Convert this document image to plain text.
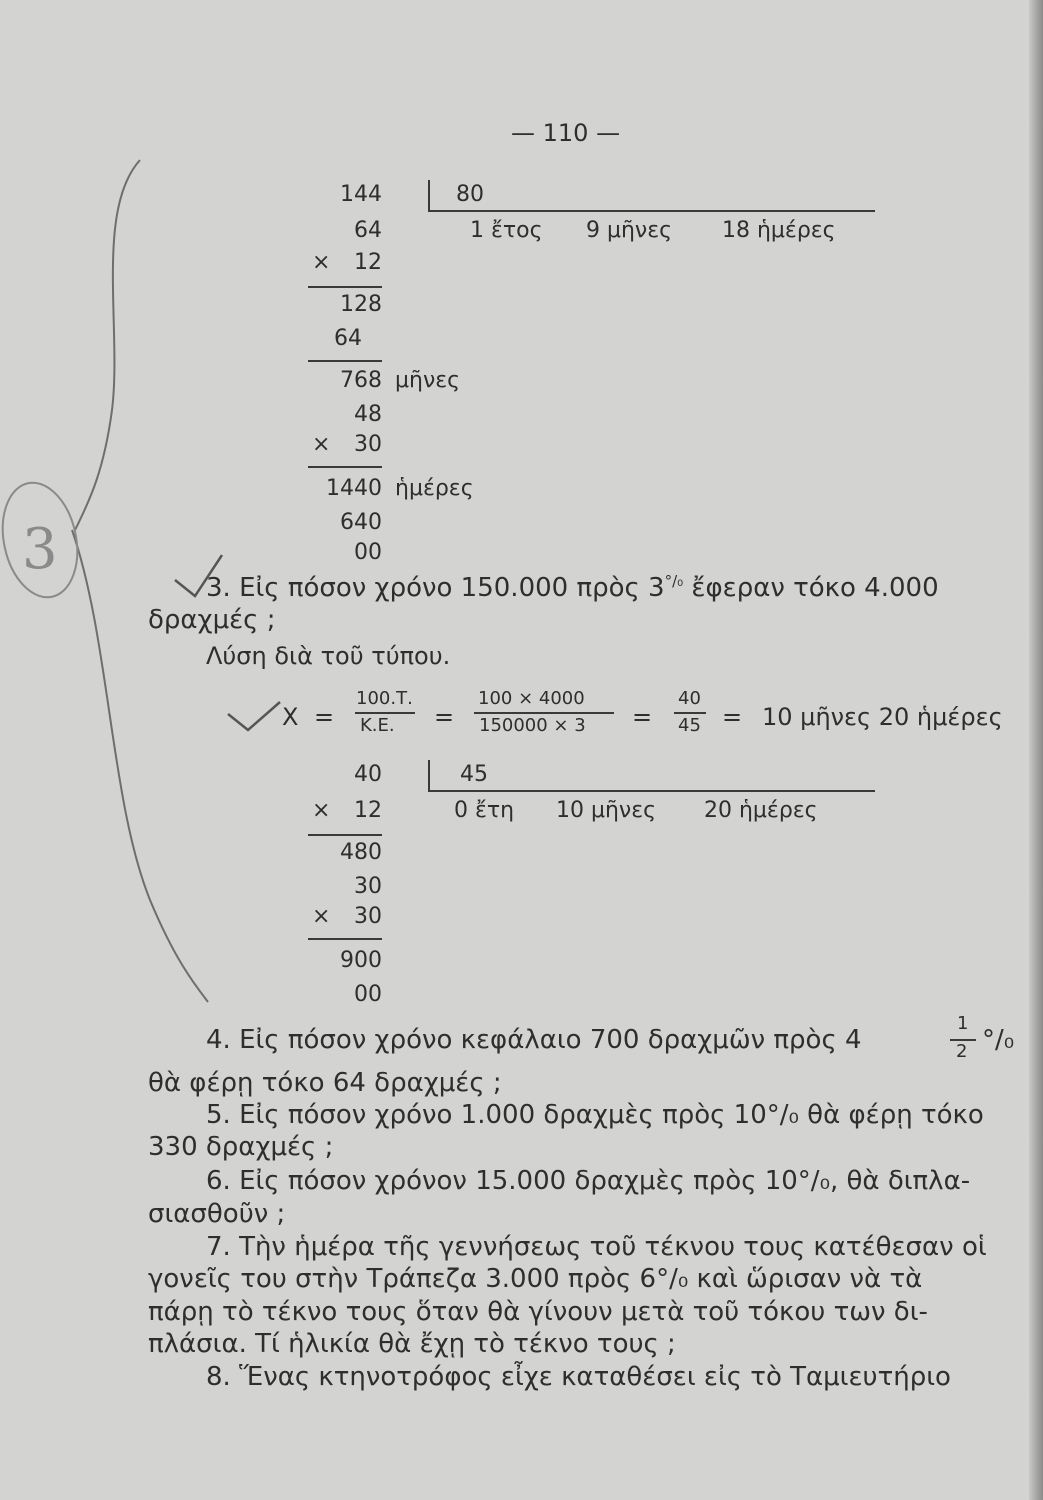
— 110 —
144	80
1 ἔτος 9 μῆνες 18 ἡμέρες
64
×	12
128
64
768 μῆνες
48
×	30
1440 ἡμέρες
640
00
3. Εἰς πόσον χρόνο 150.000 πρὸς $3^{^\circ/_0}$ ἔφεραν τόκο 4.000
δραχμές ;
Λύση διὰ τοῦ τύπου.
X =
100.Τ.
Κ.Ε. =
100 × 4000
150000 × 3 =
40
45 = 10 μῆνες 20 ἡμέρες
40	45
0 ἔτη 10 μῆνες 20 ἡμέρες
×	12
480
30
×	30
900
00
4. Εἰς πόσον χρόνο κεφάλαιο 700 δραχμῶν πρὸς 4
1
2 °/₀
θὰ φέρῃ τόκο 64 δραχμές ;
5. Εἰς πόσον χρόνο 1.000 δραχμὲς πρὸς 10°/₀ θὰ φέρῃ τόκο
330 δραχμές ;
6. Εἰς πόσον χρόνον 15.000 δραχμὲς πρὸς 10°/₀, θὰ διπλα-
σιασθοῦν ;
7. Τὴν ἡμέρα τῆς γεννήσεως τοῦ τέκνου τους κατέθεσαν οἱ
γονεῖς του στὴν Τράπεζα 3.000 πρὸς 6°/₀ καὶ ὥρισαν νὰ τὰ
πάρῃ τὸ τέκνο τους ὅταν θὰ γίνουν μετὰ τοῦ τόκου των δι-
πλάσια. Τί ἡλικία θὰ ἔχῃ τὸ τέκνο τους ;
8. Ἕνας κτηνοτρόφος εἶχε καταθέσει εἰς τὸ Ταμιευτήριο
3
